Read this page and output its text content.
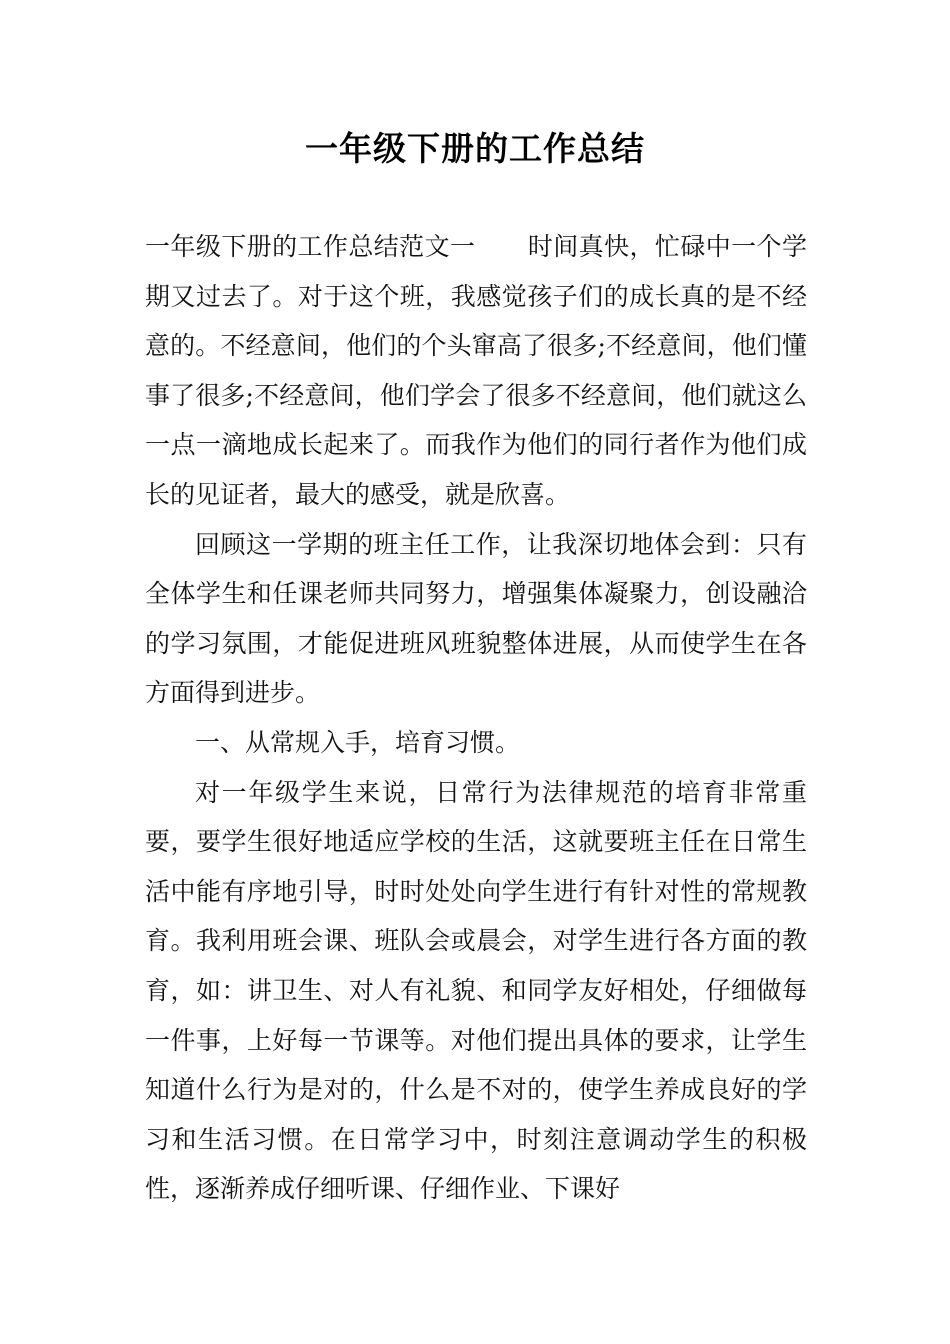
一年级下册的工作总结

一年级下册的工作总结范文一 时间真快，忙碌中一个学期又过去了。对于这个班，我感觉孩子们的成长真的是不经意的。不经意间，他们的个头窜高了很多;不经意间，他们懂事了很多;不经意间，他们学会了很多不经意间，他们就这么一点一滴地成长起来了。而我作为他们的同行者作为他们成长的见证者，最大的感受，就是欣喜。

回顾这一学期的班主任工作，让我深切地体会到：只有全体学生和任课老师共同努力，增强集体凝聚力，创设融洽的学习氛围，才能促进班风班貌整体进展，从而使学生在各方面得到进步。

一、从常规入手，培育习惯。

对一年级学生来说，日常行为法律规范的培育非常重要，要学生很好地适应学校的生活，这就要班主任在日常生活中能有序地引导，时时处处向学生进行有针对性的常规教育。我利用班会课、班队会或晨会，对学生进行各方面的教育，如：讲卫生、对人有礼貌、和同学友好相处，仔细做每一件事，上好每一节课等。对他们提出具体的要求，让学生知道什么行为是对的，什么是不对的，使学生养成良好的学习和生活习惯。在日常学习中，时刻注意调动学生的积极性，逐渐养成仔细听课、仔细作业、下课好
